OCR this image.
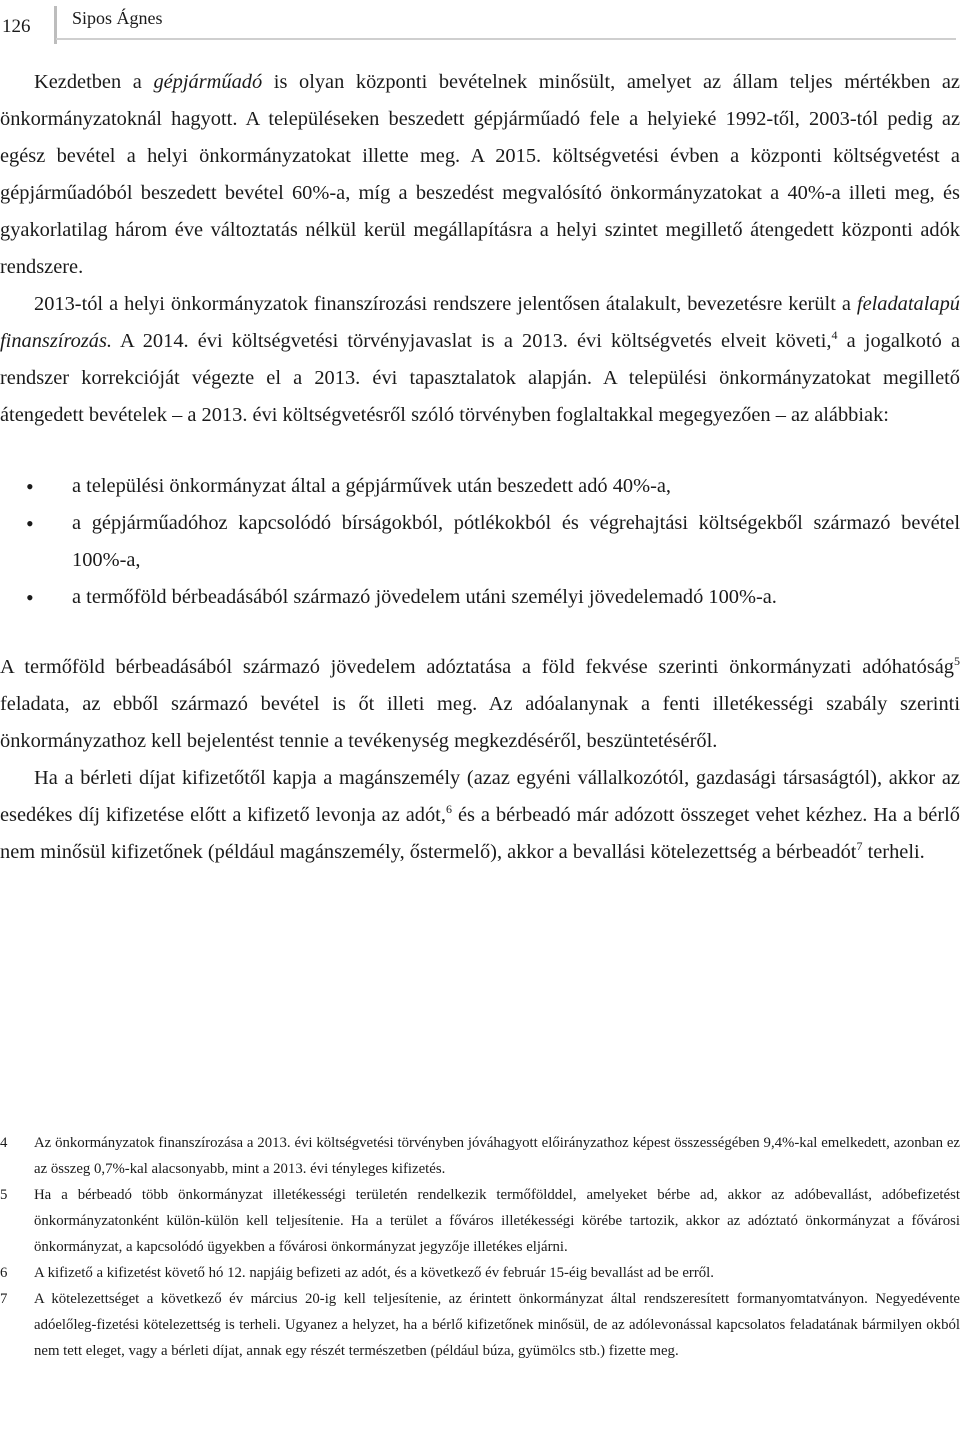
126 Sipos Ágnes

Kezdetben a gépjárműadó is olyan központi bevételnek minősült, amelyet az állam teljes mértékben az önkormányzatoknál hagyott. A településeken beszedett gépjárműadó fele a helyieké 1992-től, 2003-tól pedig az egész bevétel a helyi önkormányzatokat illette meg. A 2015. költségvetési évben a központi költségvetést a gépjárműadóból beszedett bevétel 60%-a, míg a beszedést megvalósító önkormányzatokat a 40%-a illeti meg, és gyakorlatilag három éve változtatás nélkül kerül megállapításra a helyi szintet megillető átengedett központi adók rendszere.

2013-tól a helyi önkormányzatok finanszírozási rendszere jelentősen átalakult, bevezetésre került a feladatalapú finanszírozás. A 2014. évi költségvetési törvényjavaslat is a 2013. évi költségvetés elveit követi,$^4$ a jogalkotó a rendszer korrekcióját végezte el a 2013. évi tapasztalatok alapján. A települési önkormányzatokat megillető átengedett bevételek – a 2013. évi költségvetésről szóló törvényben foglaltakkal megegyezően – az alábbiak:

• a települési önkormányzat által a gépjárművek után beszedett adó 40%-a,
• a gépjárműadóhoz kapcsolódó bírságokból, pótlékokból és végrehajtási költségekből származó bevétel 100%-a,
• a termőföld bérbeadásából származó jövedelem utáni személyi jövedelemadó 100%-a.

A termőföld bérbeadásából származó jövedelem adóztatása a föld fekvése szerinti önkormányzati adóhatóság$^5$ feladata, az ebből származó bevétel is őt illeti meg. Az adóalanynak a fenti illetékességi szabály szerinti önkormányzathoz kell bejelentést tennie a tevékenység megkezdéséről, beszüntetéséről.

Ha a bérleti díjat kifizetőtől kapja a magánszemély (azaz egyéni vállalkozótól, gazdasági társaságtól), akkor az esedékes díj kifizetése előtt a kifizető levonja az adót,$^6$ és a bérbeadó már adózott összeget vehet kézhez. Ha a bérlő nem minősül kifizetőnek (például magánszemély, őstermelő), akkor a bevallási kötelezettség a bérbeadót$^7$ terheli.

4 Az önkormányzatok finanszírozása a 2013. évi költségvetési törvényben jóváhagyott előirányzathoz képest összességében 9,4%-kal emelkedett, azonban ez az összeg 0,7%-kal alacsonyabb, mint a 2013. évi tényleges kifizetés.

5 Ha a bérbeadó több önkormányzat illetékességi területén rendelkezik termőfölddel, amelyeket bérbe ad, akkor az adóbevallást, adóbefizetést önkormányzatonként külön-külön kell teljesítenie. Ha a terület a főváros illetékességi körébe tartozik, akkor az adóztató önkormányzat a fővárosi önkormányzat, a kapcsolódó ügyekben a fővárosi önkormányzat jegyzője illetékes eljárni.

6 A kifizető a kifizetést követő hó 12. napjáig befizeti az adót, és a következő év február 15-éig bevallást ad be erről.

7 A kötelezettséget a következő év március 20-ig kell teljesítenie, az érintett önkormányzat által rendszeresített formanyomtatványon. Negyedévente adóelőleg-fizetési kötelezettség is terheli. Ugyanez a helyzet, ha a bérlő kifizetőnek minősül, de az adólevonással kapcsolatos feladatának bármilyen okból nem tett eleget, vagy a bérleti díjat, annak egy részét természetben (például búza, gyümölcs stb.) fizette meg.
